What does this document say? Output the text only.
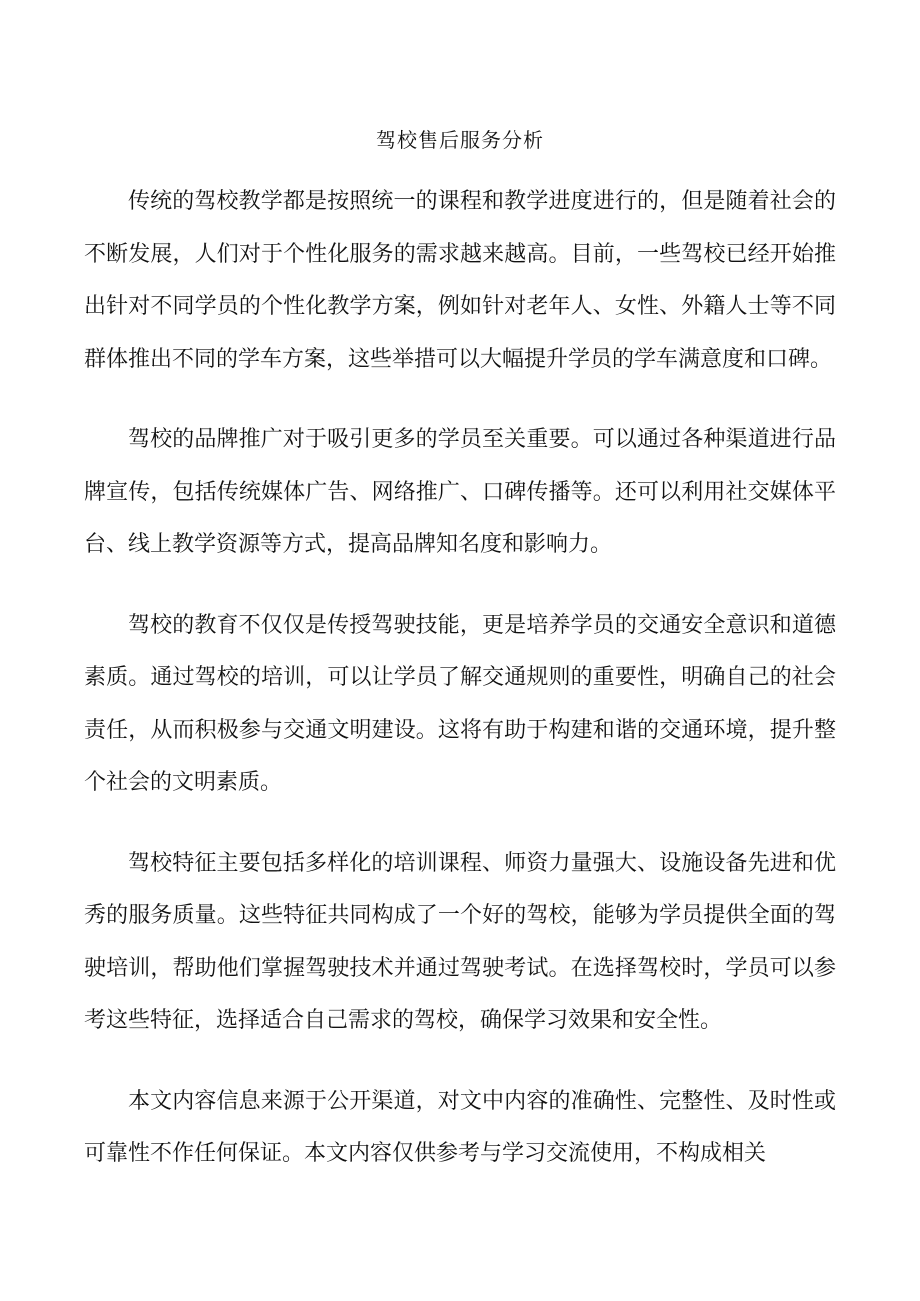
驾校售后服务分析

传统的驾校教学都是按照统一的课程和教学进度进行的，但是随着社会的不断发展，人们对于个性化服务的需求越来越高。目前，一些驾校已经开始推出针对不同学员的个性化教学方案，例如针对老年人、女性、外籍人士等不同群体推出不同的学车方案，这些举措可以大幅提升学员的学车满意度和口碑。

驾校的品牌推广对于吸引更多的学员至关重要。可以通过各种渠道进行品牌宣传，包括传统媒体广告、网络推广、口碑传播等。还可以利用社交媒体平台、线上教学资源等方式，提高品牌知名度和影响力。

驾校的教育不仅仅是传授驾驶技能，更是培养学员的交通安全意识和道德素质。通过驾校的培训，可以让学员了解交通规则的重要性，明确自己的社会责任，从而积极参与交通文明建设。这将有助于构建和谐的交通环境，提升整个社会的文明素质。

驾校特征主要包括多样化的培训课程、师资力量强大、设施设备先进和优秀的服务质量。这些特征共同构成了一个好的驾校，能够为学员提供全面的驾驶培训，帮助他们掌握驾驶技术并通过驾驶考试。在选择驾校时，学员可以参考这些特征，选择适合自己需求的驾校，确保学习效果和安全性。

本文内容信息来源于公开渠道，对文中内容的准确性、完整性、及时性或可靠性不作任何保证。本文内容仅供参考与学习交流使用，不构成相关
